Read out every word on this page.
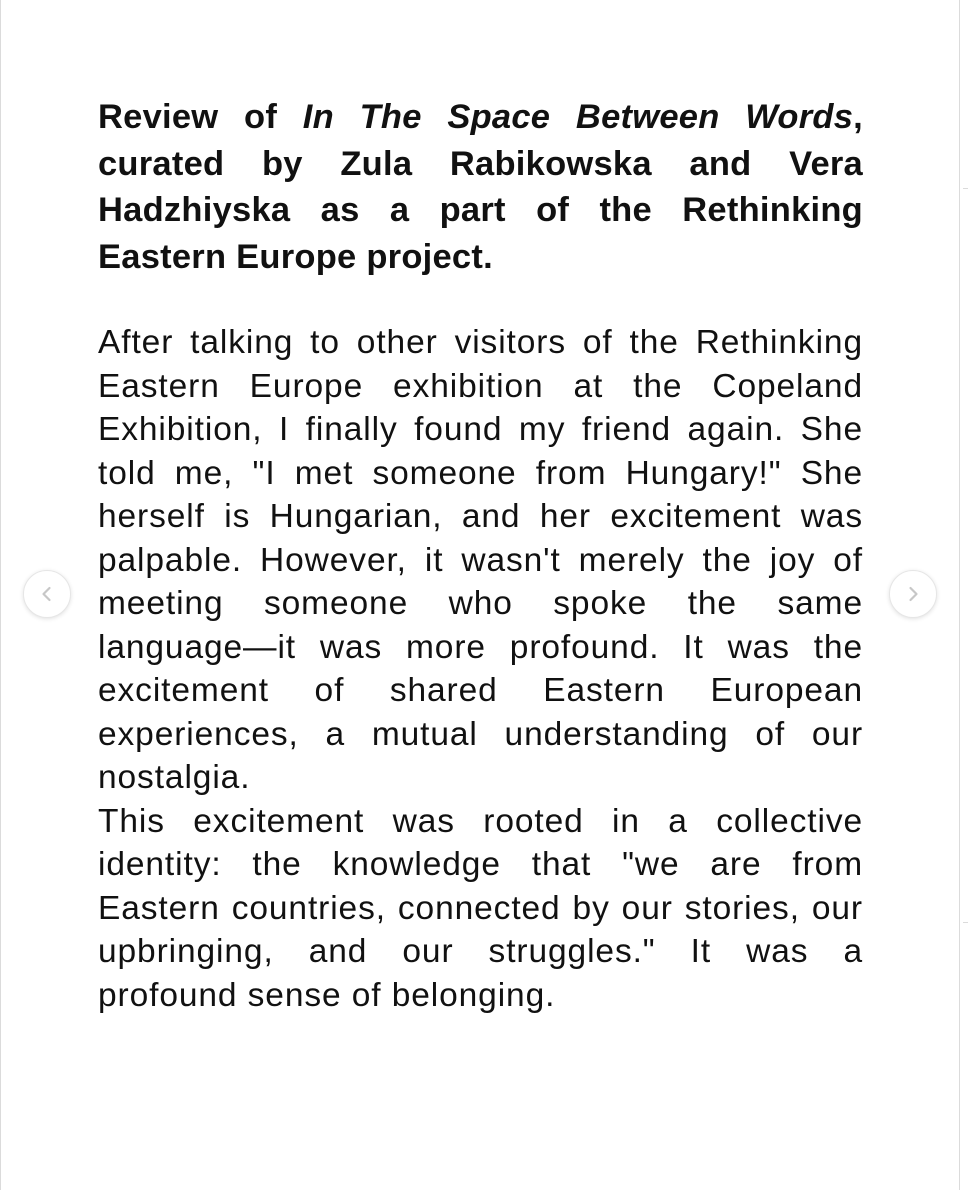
Review of In The Space Between Words, curated by Zula Rabikowska and Vera Hadzhiyska as a part of the Rethinking Eastern Europe project.

After talking to other visitors of the Rethinking Eastern Europe exhibition at the Copeland Exhibition, I finally found my friend again. She told me, "I met someone from Hungary!" She herself is Hungarian, and her excitement was palpable. However, it wasn't merely the joy of meeting someone who spoke the same language—it was more profound. It was the excitement of shared Eastern European experiences, a mutual understanding of our nostalgia.

This excitement was rooted in a collective identity: the knowledge that "we are from Eastern countries, connected by our stories, our upbringing, and our struggles." It was a profound sense of belonging.
